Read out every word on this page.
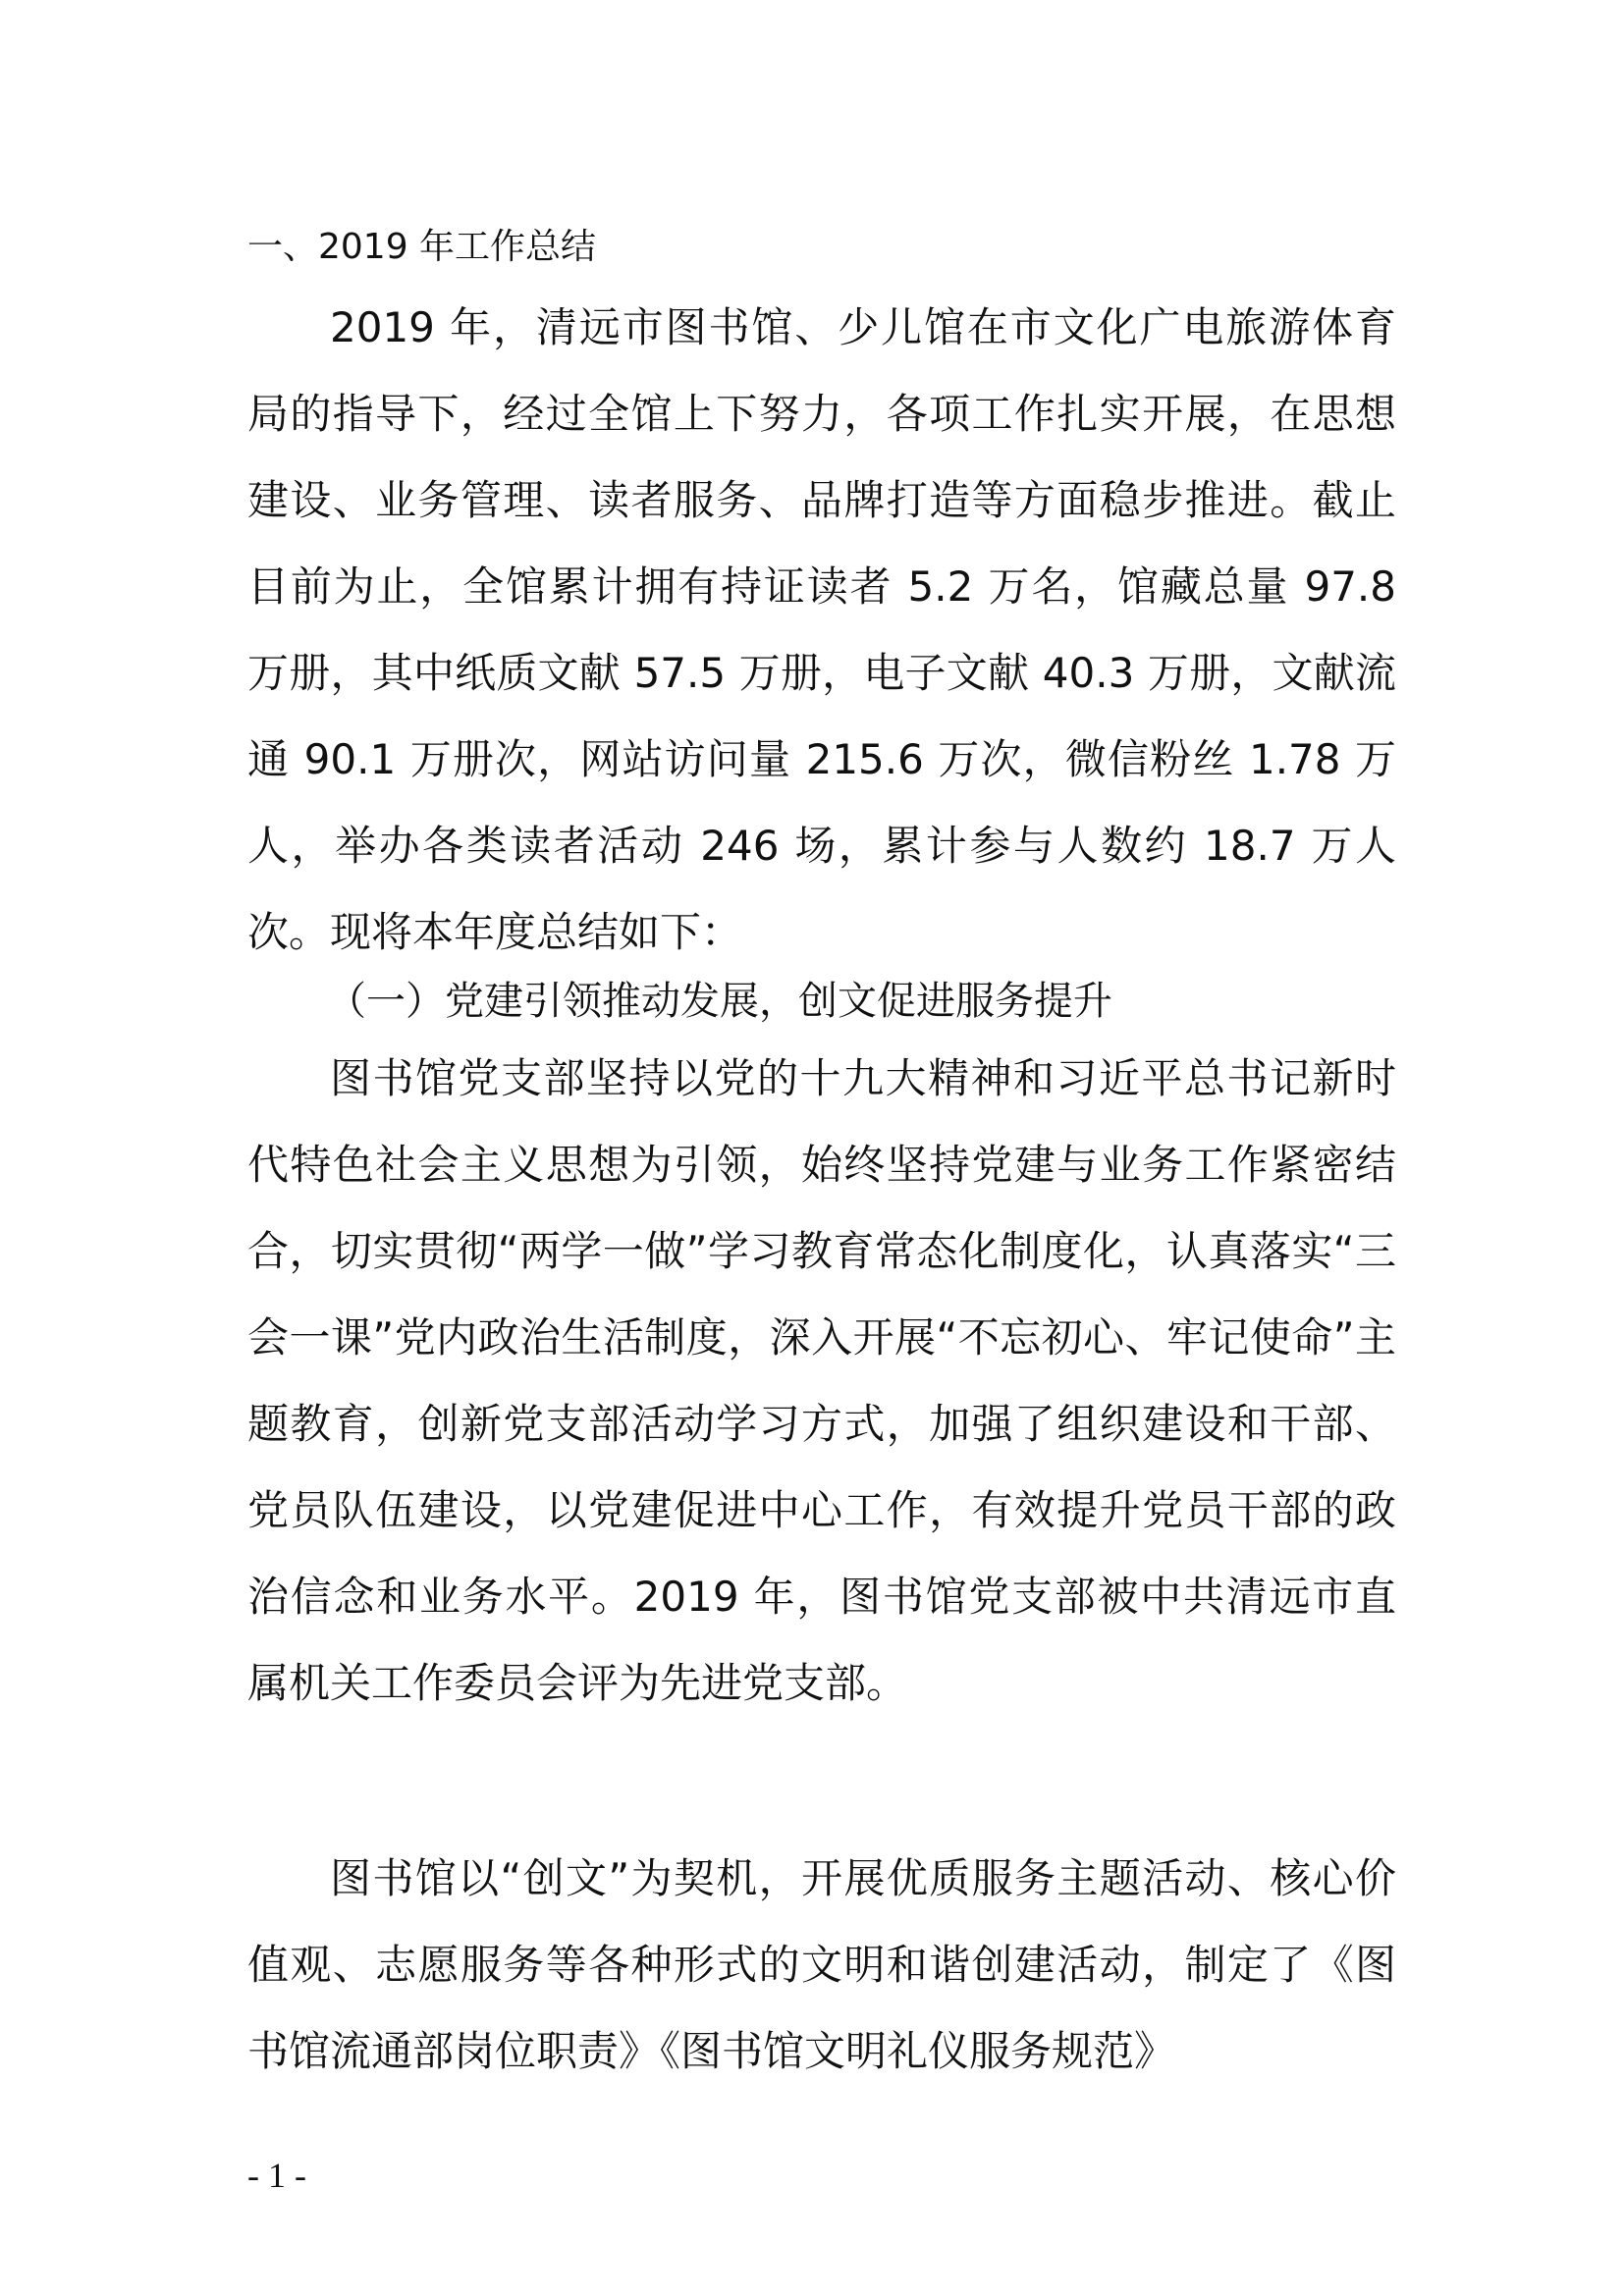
一、2019 年工作总结

2019 年，清远市图书馆、少儿馆在市文化广电旅游体育局的指导下，经过全馆上下努力，各项工作扎实开展，在思想建设、业务管理、读者服务、品牌打造等方面稳步推进。截止目前为止，全馆累计拥有持证读者 5.2 万名，馆藏总量 97.8 万册，其中纸质文献 57.5 万册，电子文献 40.3 万册，文献流通 90.1 万册次，网站访问量 215.6 万次，微信粉丝 1.78 万人，举办各类读者活动 246 场，累计参与人数约 18.7 万人次。现将本年度总结如下：

（一）党建引领推动发展，创文促进服务提升

图书馆党支部坚持以党的十九大精神和习近平总书记新时代特色社会主义思想为引领，始终坚持党建与业务工作紧密结合，切实贯彻“两学一做”学习教育常态化制度化，认真落实“三会一课”党内政治生活制度，深入开展“不忘初心、牢记使命”主题教育，创新党支部活动学习方式，加强了组织建设和干部、党员队伍建设，以党建促进中心工作，有效提升党员干部的政治信念和业务水平。2019 年，图书馆党支部被中共清远市直属机关工作委员会评为先进党支部。

图书馆以“创文”为契机，开展优质服务主题活动、核心价值观、志愿服务等各种形式的文明和谐创建活动，制定了《图书馆流通部岗位职责》《图书馆文明礼仪服务规范》

- 1 -
